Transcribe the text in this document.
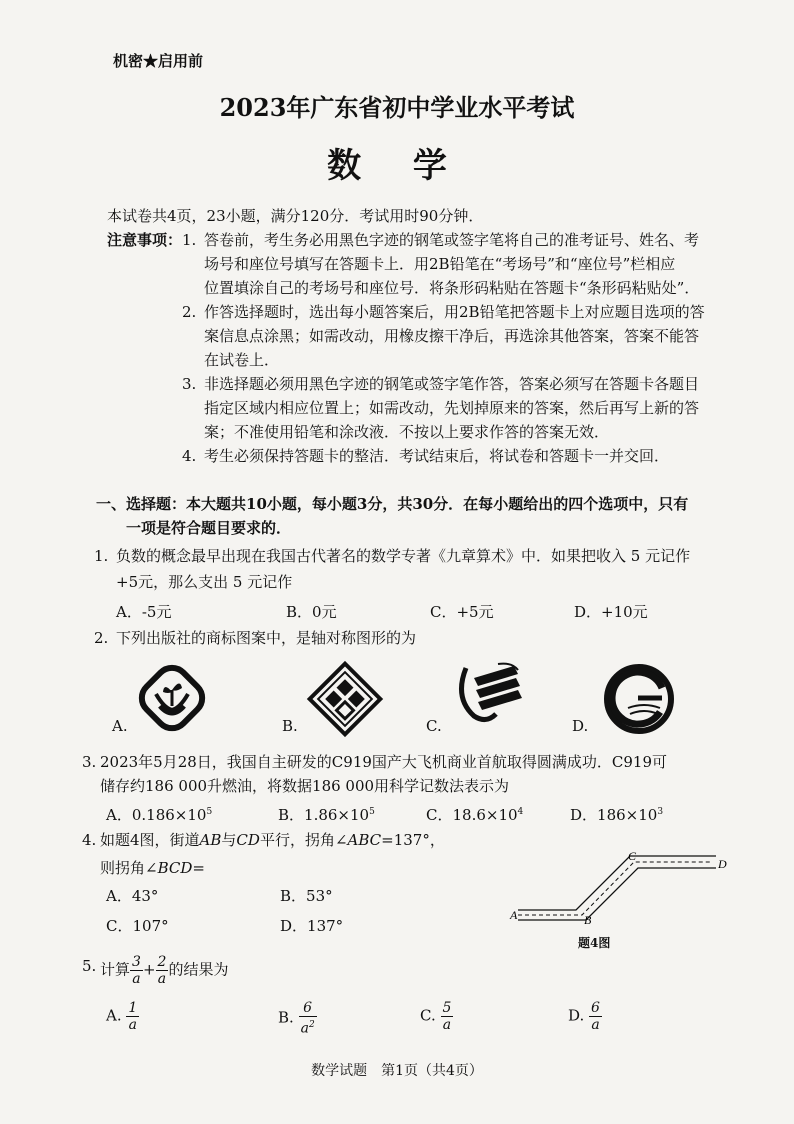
机密★启用前
2023年广东省初中学业水平考试
数 学
本试卷共4页，23小题，满分120分．考试用时90分钟．
注意事项： 1. 答卷前，考生务必用黑色字迹的钢笔或签字笔将自己的准考证号、姓名、考
场号和座位号填写在答题卡上．用2B铅笔在“考场号”和“座位号”栏相应
位置填涂自己的考场号和座位号．将条形码粘贴在答题卡“条形码粘贴处”．
2. 作答选择题时，选出每小题答案后，用2B铅笔把答题卡上对应题目选项的答
案信息点涂黑；如需改动，用橡皮擦干净后，再选涂其他答案，答案不能答
在试卷上．
3. 非选择题必须用黑色字迹的钢笔或签字笔作答，答案必须写在答题卡各题目
指定区域内相应位置上；如需改动，先划掉原来的答案，然后再写上新的答
案；不准使用铅笔和涂改液．不按以上要求作答的答案无效．
4. 考生必须保持答题卡的整洁．考试结束后，将试卷和答题卡一并交回．
一、选择题：本大题共10小题，每小题3分，共30分．在每小题给出的四个选项中，只有
一项是符合题目要求的．
1. 负数的概念最早出现在我国古代著名的数学专著《九章算术》中．如果把收入 5 元记作
+5元，那么支出 5 元记作
A．-5元	B．0元	C．+5元	D．+10元
2. 下列出版社的商标图案中，是轴对称图形的为
A.	B.	C.	D.
3. 2023年5月28日，我国自主研发的C919国产大飞机商业首航取得圆满成功．C919可
储存约186 000升燃油，将数据186 000用科学记数法表示为
A．$0.186\times 10^5$	B．$1.86\times 10^5$	C．$18.6\times 10^4$	D．$186\times 10^3$
4. 如题4图，街道AB与CD平行，拐角∠ABC=137°，
则拐角∠BCD=
A．43°	B．53°
C．107°	D．137°
A	B
C
D
题4图
5. 计算 $\frac{3}{a} + \frac{2}{a}$ 的结果为
A. $\frac{1}{a}$	B. $\frac{6}{a^2}$	C. $\frac{5}{a}$	D. $\frac{6}{a}$
数学试题　第1页（共4页）
